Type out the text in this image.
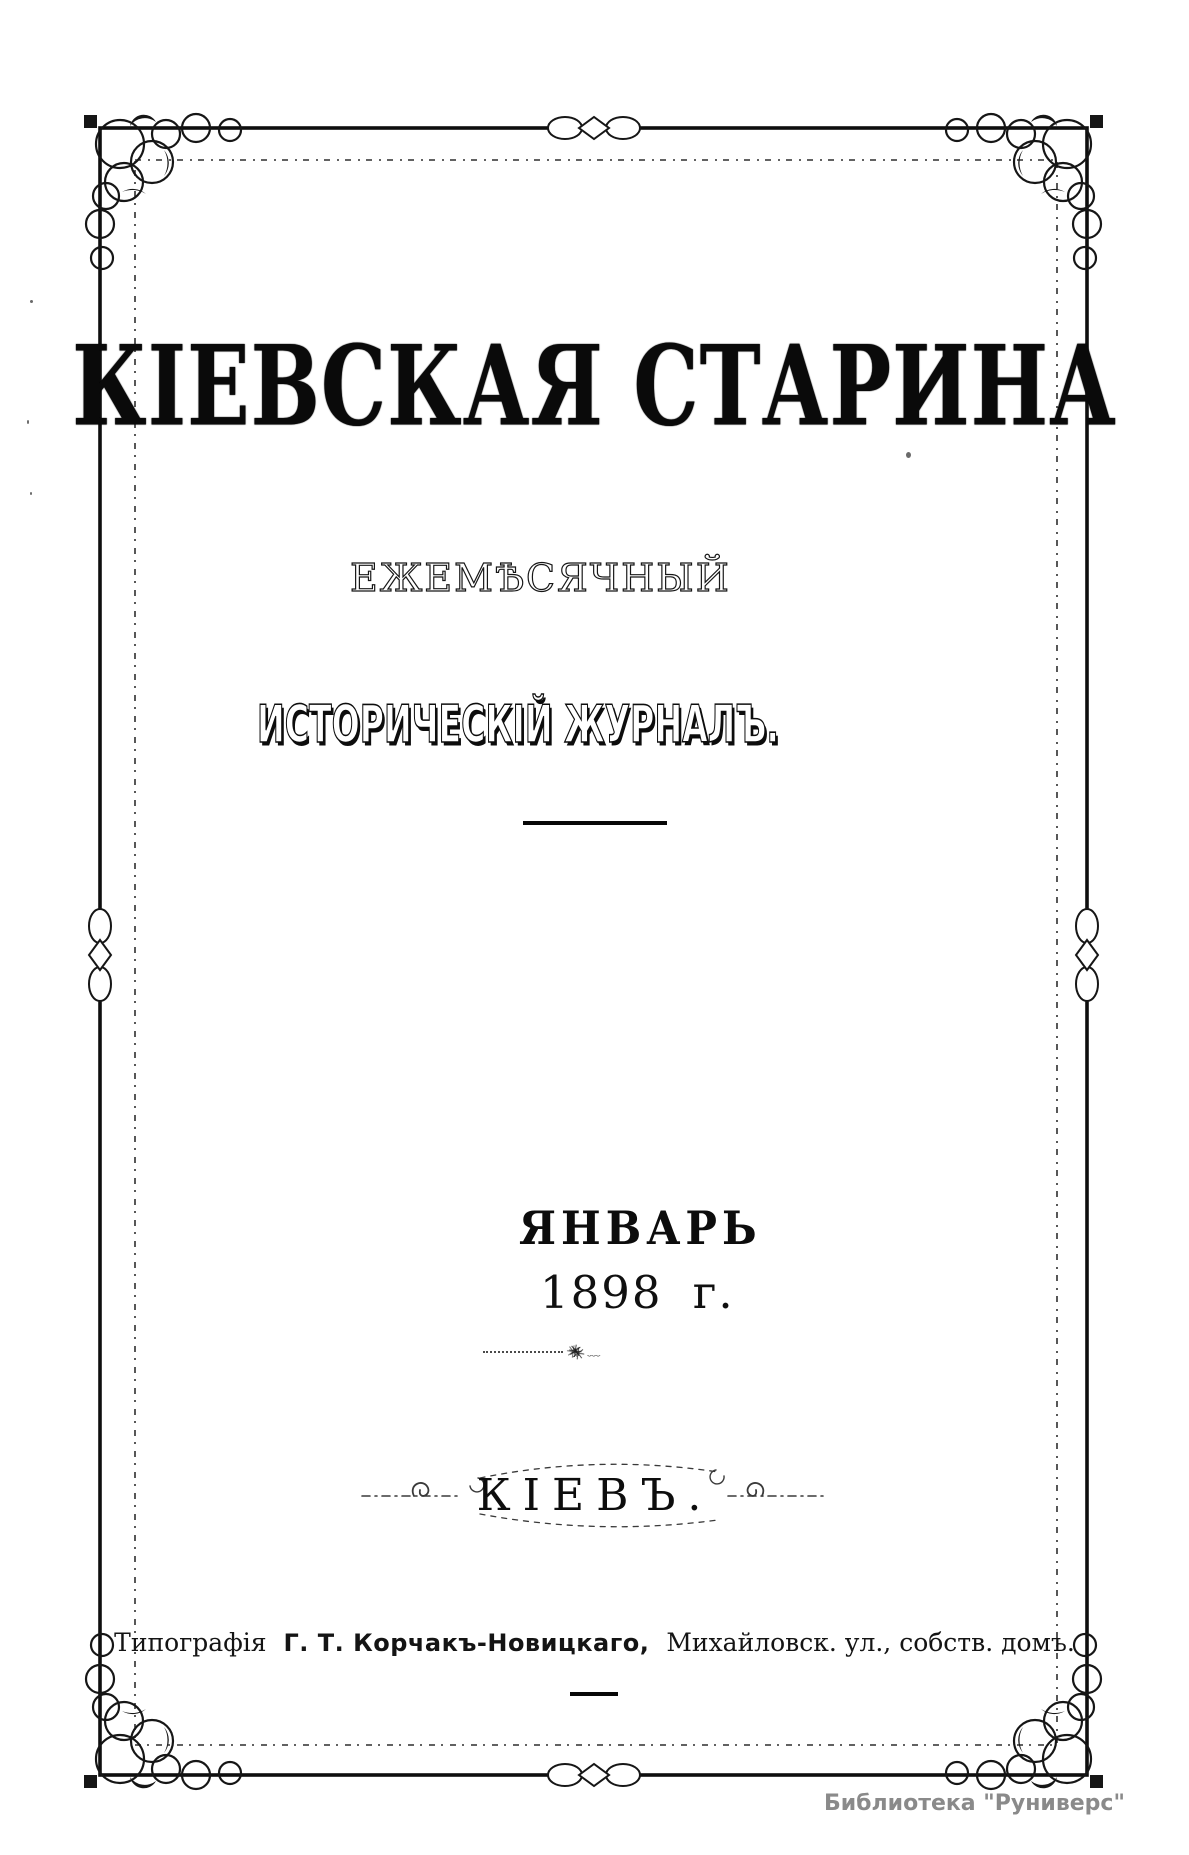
КІЕВСКАЯ СТАРИНА
ЕЖЕМѢСЯЧНЫЙ
ИСТОРИЧЕСКІЙ ЖУРНАЛЪ.
ЯНВАРЬ
1898 г.
✳ ﹏
КІЕВЪ.
Типографія Г. Т. Корчакъ-Новицкаго, Михайловск. ул., собств. домъ.
Библиотека "Руниверс"
